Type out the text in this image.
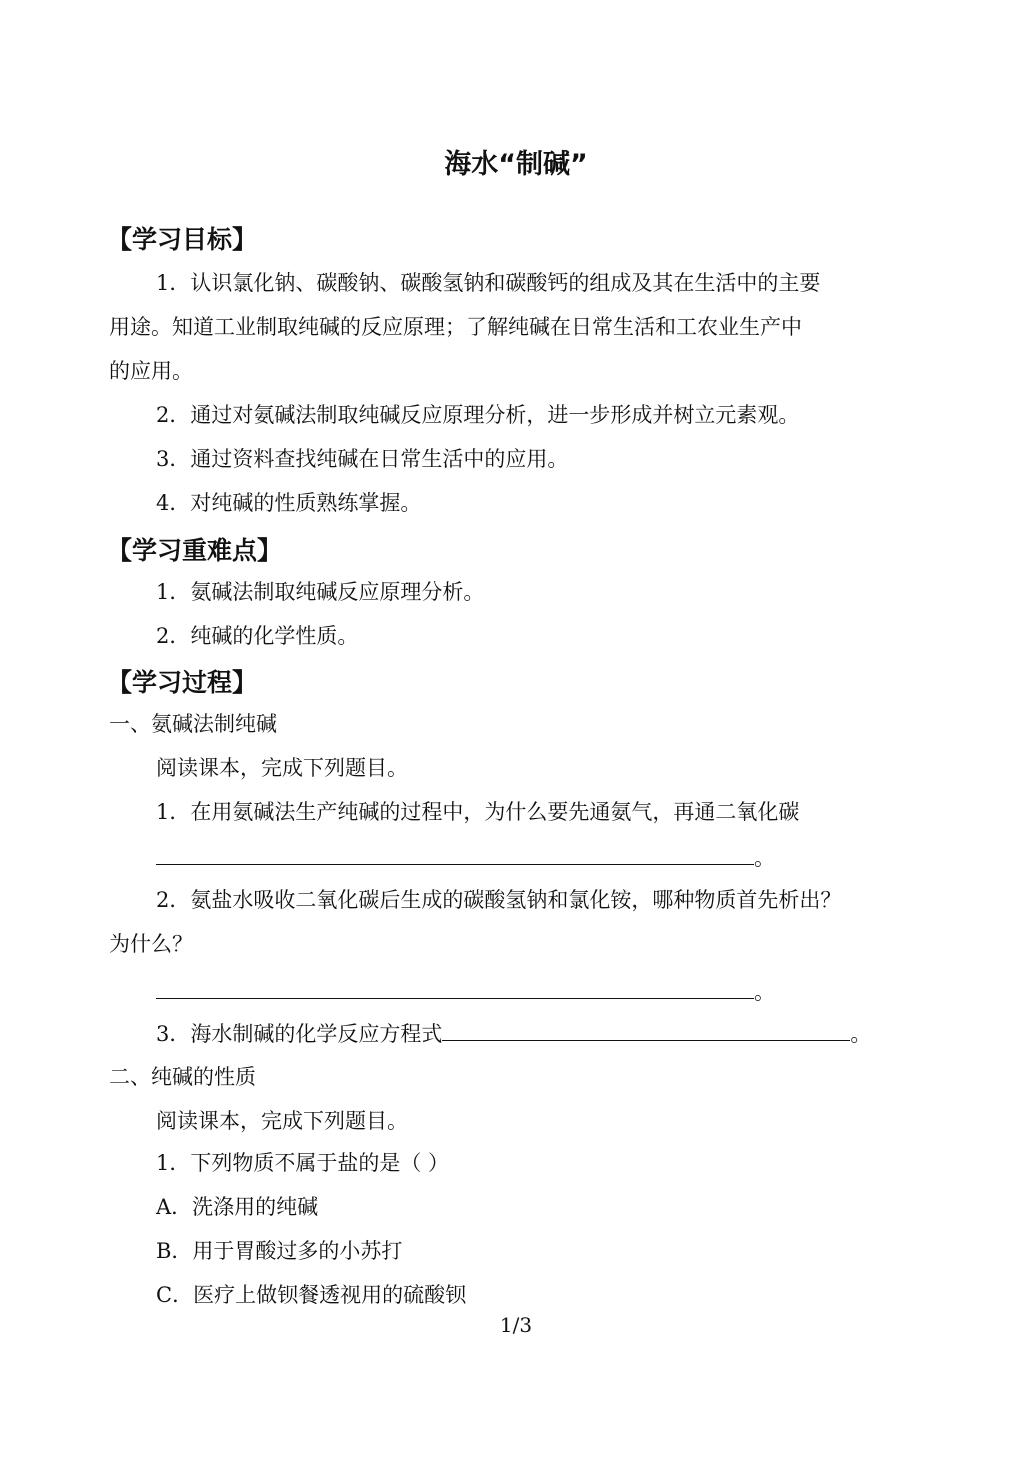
海水“制碱”
【学习目标】
1．认识氯化钠、碳酸钠、碳酸氢钠和碳酸钙的组成及其在生活中的主要
用途。知道工业制取纯碱的反应原理；了解纯碱在日常生活和工农业生产中
的应用。
2．通过对氨碱法制取纯碱反应原理分析，进一步形成并树立元素观。
3．通过资料查找纯碱在日常生活中的应用。
4．对纯碱的性质熟练掌握。
【学习重难点】
1．氨碱法制取纯碱反应原理分析。
2．纯碱的化学性质。
【学习过程】
一、氨碱法制纯碱
阅读课本，完成下列题目。
1．在用氨碱法生产纯碱的过程中，为什么要先通氨气，再通二氧化碳
。
2．氨盐水吸收二氧化碳后生成的碳酸氢钠和氯化铵，哪种物质首先析出？
为什么？
。
3．海水制碱的化学反应方程式	。
二、纯碱的性质
阅读课本，完成下列题目。
1．下列物质不属于盐的是（ ）
A．洗涤用的纯碱
B．用于胃酸过多的小苏打
C．医疗上做钡餐透视用的硫酸钡
1/3
